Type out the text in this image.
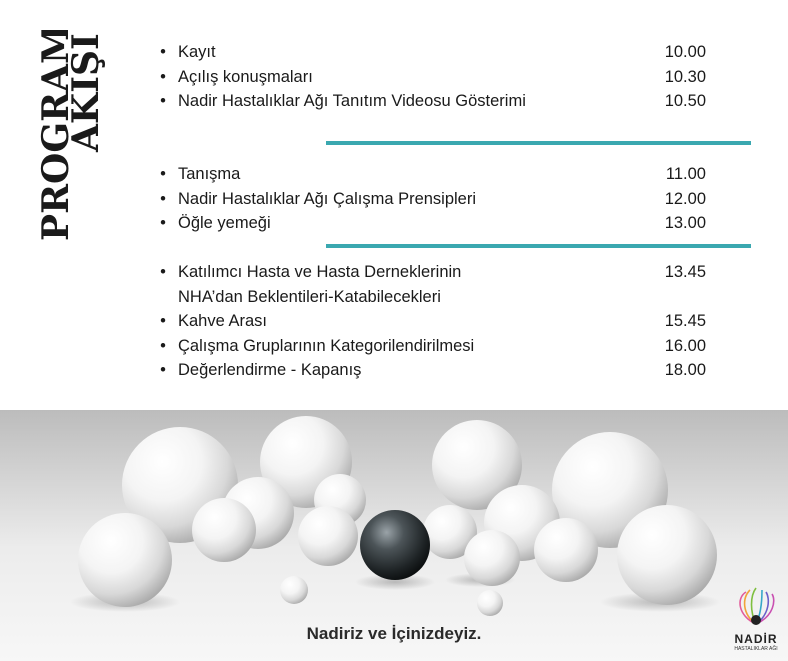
PROGRAM
AKIŞI	• Kayıt	10.00
• Açılış konuşmaları	10.30
• Nadir Hastalıklar Ağı Tanıtım Videosu Gösterimi	10.50
• Tanışma	11.00
• Nadir Hastalıklar Ağı Çalışma Prensipleri	12.00
• Öğle yemeği	13.00
• Katılımcı Hasta ve Hasta Derneklerinin	13.45
NHA’dan Beklentileri-Katabilecekleri
• Kahve Arası	15.45
• Çalışma Gruplarının Kategorilendirilmesi	16.00
• Değerlendirme - Kapanış	18.00
Nadiriz ve İçinizdeyiz.	NADİR
HASTALIKLAR AĞI
